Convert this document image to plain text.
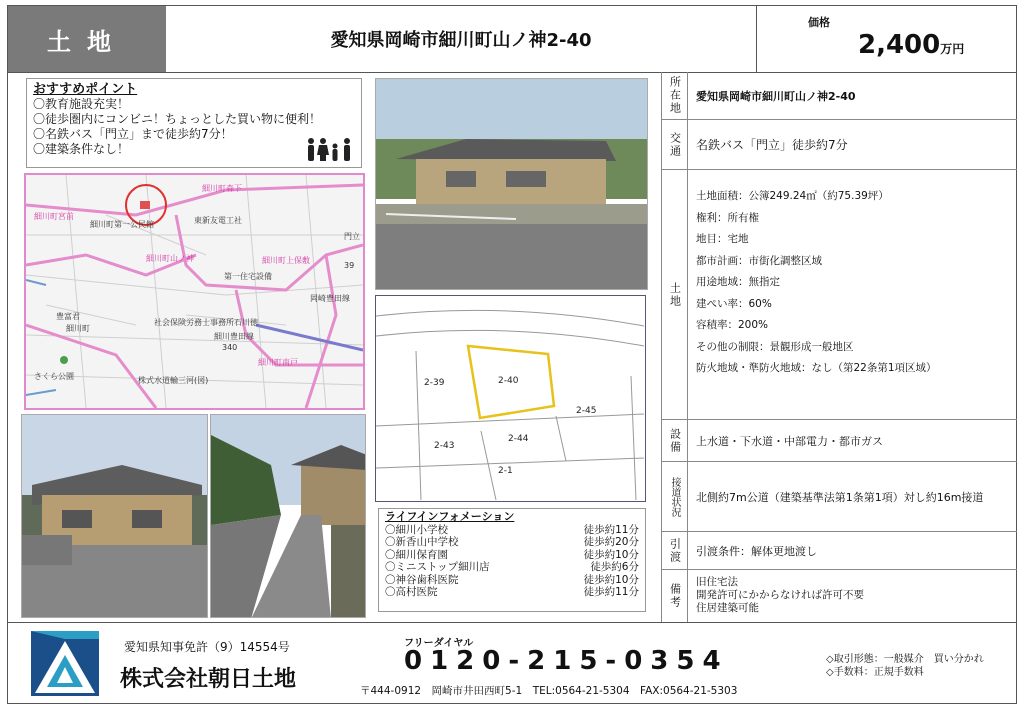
土地	愛知県岡崎市細川町山ノ神2-40
価格
2,400万円
おすすめポイント
〇教育施設充実！
〇徒歩圏内にコンビニ！ちょっとした買い物に便利！
〇名鉄バス「門立」まで徒歩約7分！
〇建築条件なし！
細川町森下
細川町宮前
細川町第一公民館	東新友電工社
細川町山ノ神	細川町上保敷
第一住宅設備
豊富君
細川町
社会保険労務士事務所石川徳
細川豊田線
岡崎豊田線
細川町南戸
さくら公園	株式水道輸三河(図)
門立
340
39
2-39	2-40
2-45
2-43
2-44
2-1
ライフインフォメーション
〇細川小学校	徒歩約11分
〇新香山中学校	徒歩約20分
〇細川保育園	徒歩約10分
〇ミニストップ細川店	徒歩約6分
〇神谷歯科医院	徒歩約10分
〇高村医院	徒歩約11分
所在地	愛知県岡崎市細川町山ノ神2-40
交通	名鉄バス「門立」徒歩約7分
土地
土地面積：公簿249.24㎡（約75.39坪）
権利：所有権
地目：宅地
都市計画：市街化調整区域
用途地域：無指定
建ぺい率：60%
容積率：200%
その他の制限：景観形成一般地区
防火地域・準防火地域：なし（第22条第1項区域）
設備	上水道・下水道・中部電力・都市ガス
接道状況	北側約7m公道（建築基準法第1条第1項）対し約16m接道
引渡	引渡条件：解体更地渡し
備考
旧住宅法
開発許可にかからなければ許可不要
住居建築可能
愛知県知事免許（9）14554号
株式会社朝日土地
フリーダイヤル
0120-215-0354
〒444-0912　岡崎市井田西町5-1　TEL:0564-21-5304　FAX:0564-21-5303
◇取引形態：一般媒介　買い分かれ
◇手数料：正規手数料
